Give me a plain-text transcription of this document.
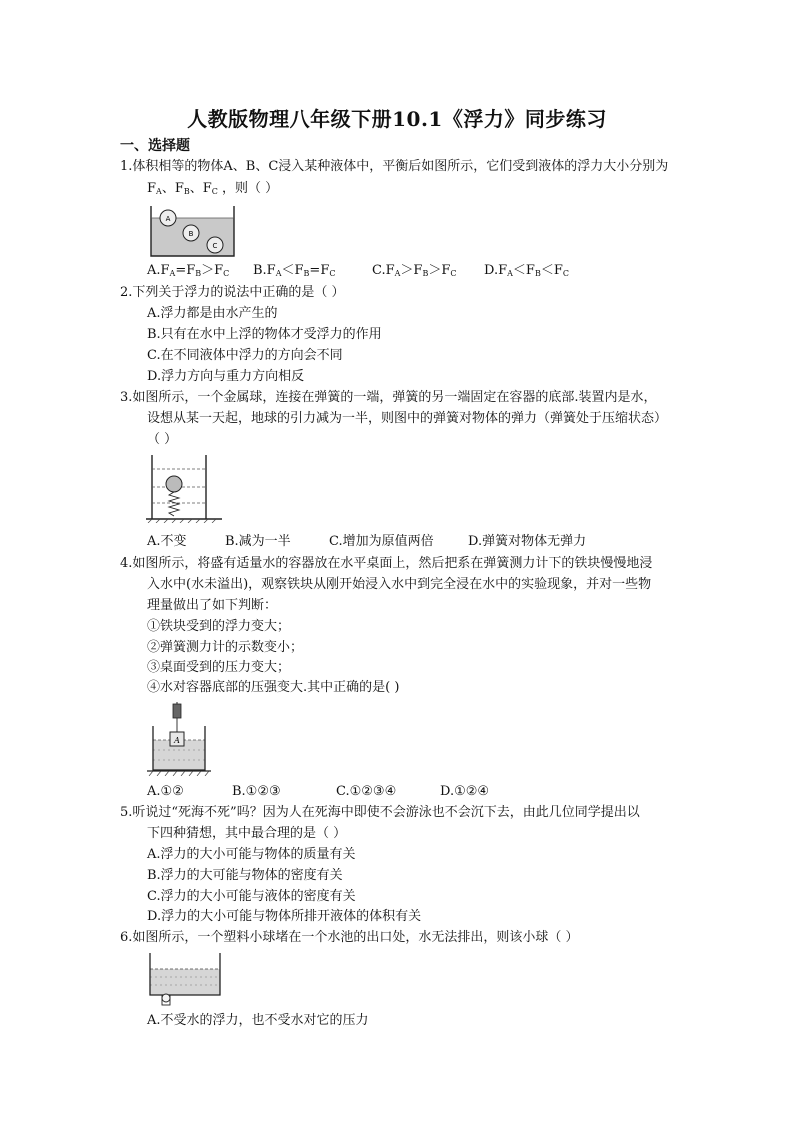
人教版物理八年级下册10.1《浮力》同步练习
一、选择题
1.体积相等的物体A、B、C浸入某种液体中，平衡后如图所示，它们受到液体的浮力大小分别为
$F_A$、$F_B$、$F_C$ ，则（ ）
A
B
C
$A.F_A=F_B>F_C$ $B.F_A<F_B=F_C$	$C.F_A>F_B>F_C$ $D.F_A<F_B<F_C$
2.下列关于浮力的说法中正确的是（ ）
A.浮力都是由水产生的
B.只有在水中上浮的物体才受浮力的作用
C.在不同液体中浮力的方向会不同
D.浮力方向与重力方向相反
3.如图所示，一个金属球，连接在弹簧的一端，弹簧的另一端固定在容器的底部.装置内是水，
设想从某一天起，地球的引力减为一半，则图中的弹簧对物体的弹力（弹簧处于压缩状态）
（ ）
A.不变	B.减为一半	C.增加为原值两倍	D.弹簧对物体无弹力
4.如图所示，将盛有适量水的容器放在水平桌面上，然后把系在弹簧测力计下的铁块慢慢地浸
入水中(水未溢出)，观察铁块从刚开始浸入水中到完全浸在水中的实验现象，并对一些物
理量做出了如下判断：
①铁块受到的浮力变大；
②弹簧测力计的示数变小；
③桌面受到的压力变大；
④水对容器底部的压强变大.其中正确的是( )
A
A.①②	B.①②③	C.①②③④	D.①②④
5.听说过“死海不死”吗？因为人在死海中即使不会游泳也不会沉下去，由此几位同学提出以
下四种猜想，其中最合理的是（ ）
A.浮力的大小可能与物体的质量有关
B.浮力的大可能与物体的密度有关
C.浮力的大小可能与液体的密度有关
D.浮力的大小可能与物体所排开液体的体积有关
6.如图所示，一个塑料小球堵在一个水池的出口处，水无法排出，则该小球（ ）
A.不受水的浮力，也不受水对它的压力
